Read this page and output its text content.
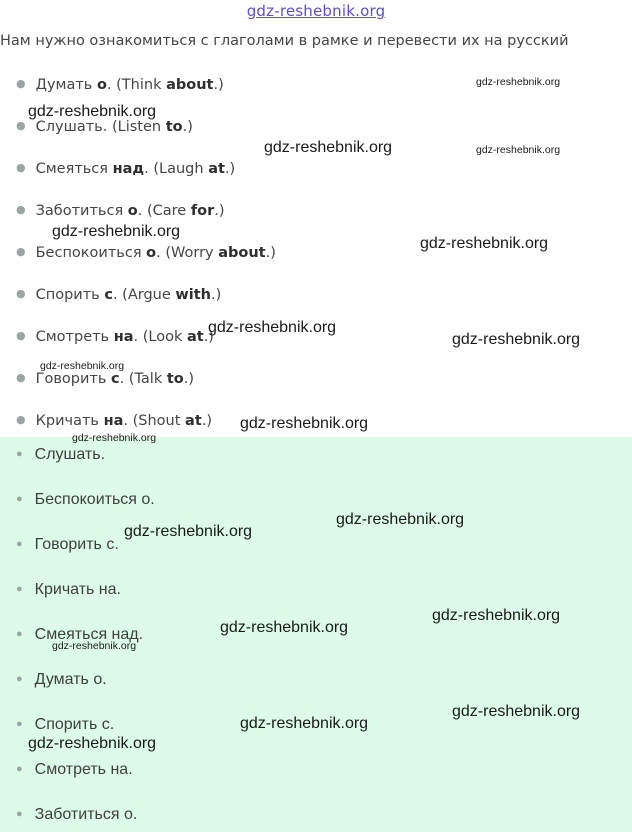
gdz-reshebnik.org
Нам нужно ознакомиться с глаголами в рамке и перевести их на русский
● Думать о. (Think about.)
● Слушать. (Listen to.)
● Смеяться над. (Laugh at.)
● Заботиться о. (Care for.)
● Беспокоиться о. (Worry about.)
● Спорить с. (Argue with.)
● Смотреть на. (Look at.)
● Говорить с. (Talk to.)
● Кричать на. (Shout at.)
● Слушать.
● Беспокоиться о.
● Говорить с.
● Кричать на.
● Смеяться над.
● Думать о.
● Спорить с.
● Смотреть на.
● Заботиться о.
gdz-reshebnik.org
gdz-reshebnik.org
gdz-reshebnik.org	gdz-reshebnik.org
gdz-reshebnik.org
gdz-reshebnik.org
gdz-reshebnik.org
gdz-reshebnik.org
gdz-reshebnik.org
gdz-reshebnik.org
gdz-reshebnik.org
gdz-reshebnik.org
gdz-reshebnik.org
gdz-reshebnik.org
gdz-reshebnik.org
gdz-reshebnik.org
gdz-reshebnik.org
gdz-reshebnik.org
gdz-reshebnik.org
